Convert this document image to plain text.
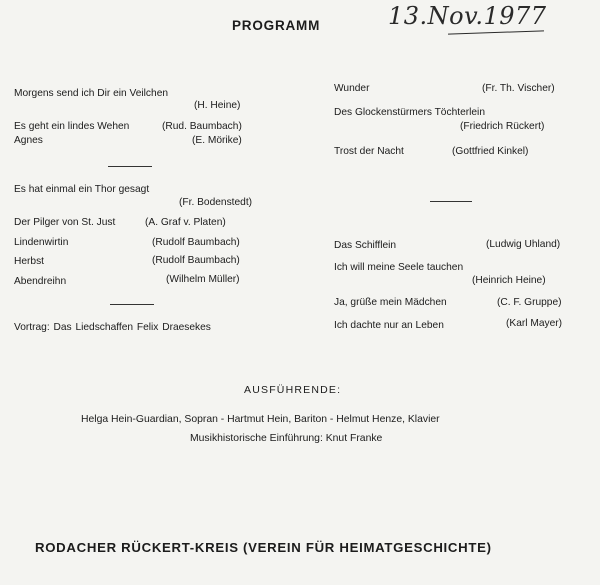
PROGRAMM	13.Nov.1977
Morgens send ich Dir ein Veilchen
(H. Heine)
Es geht ein lindes Wehen	(Rud. Baumbach)
Agnes	(E. Mörike)
Es hat einmal ein Thor gesagt
(Fr. Bodenstedt)
Der Pilger von St. Just	(A. Graf v. Platen)
Lindenwirtin	(Rudolf Baumbach)
Herbst	(Rudolf Baumbach)
Abendreihn	(Wilhelm Müller)
Vortrag: Das Liedschaffen Felix Draesekes
Wunder	(Fr. Th. Vischer)
Des Glockenstürmers Töchterlein
(Friedrich Rückert)
Trost der Nacht	(Gottfried Kinkel)
Das Schifflein	(Ludwig Uhland)
Ich will meine Seele tauchen
(Heinrich Heine)
Ja, grüße mein Mädchen	(C. F. Gruppe)
Ich dachte nur an Leben	(Karl Mayer)
AUSFÜHRENDE:
Helga Hein-Guardian, Sopran - Hartmut Hein, Bariton - Helmut Henze, Klavier
Musikhistorische Einführung: Knut Franke
RODACHER RÜCKERT-KREIS (VEREIN FÜR HEIMATGESCHICHTE)
